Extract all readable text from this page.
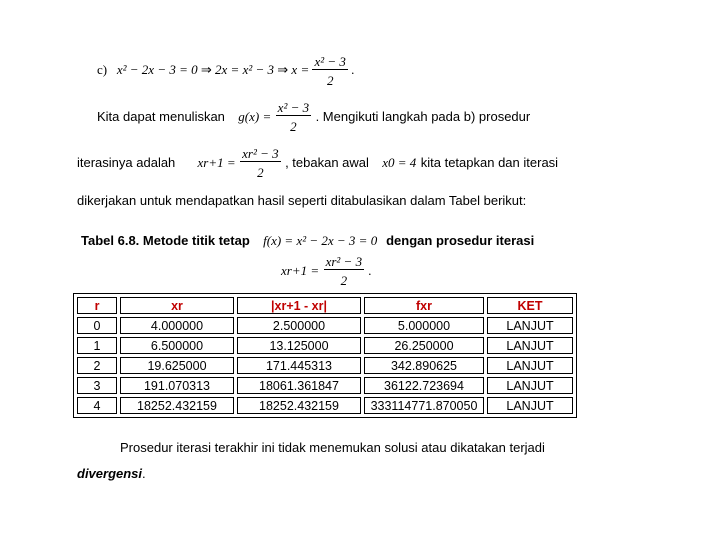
c) x² − 2x − 3 = 0 ⇒ 2x = x² − 3 ⇒ $x = \frac{\text{x² − 3}}{2}$ .
Kita dapat menuliskan $g(x) = \frac{\text{x² − 3}}{2}$ . Mengikuti langkah pada b) prosedur
iterasinya adalah $xr+1 = \frac{\text{xr² − 3}}{2}$ , tebakan awal x0 = 4 kita tetapkan dan iterasi
dikerjakan untuk mendapatkan hasil seperti ditabulasikan dalam Tabel berikut:
Tabel 6.8. Metode titik tetap f(x) = x² − 2x − 3 = 0 dengan prosedur iterasi
$xr+1 = \frac{\text{xr² − 3}}{2}$ .
r	xr	|xr+1 - xr|	fxr	KET
0	4.000000	2.500000	5.000000	LANJUT
1	6.500000	13.125000	26.250000	LANJUT
2	19.625000	171.445313	342.890625	LANJUT
3	191.070313	18061.361847	36122.723694	LANJUT
4	18252.432159	18252.432159	333114771.870050	LANJUT
Prosedur iterasi terakhir ini tidak menemukan solusi atau dikatakan terjadi
divergensi.
